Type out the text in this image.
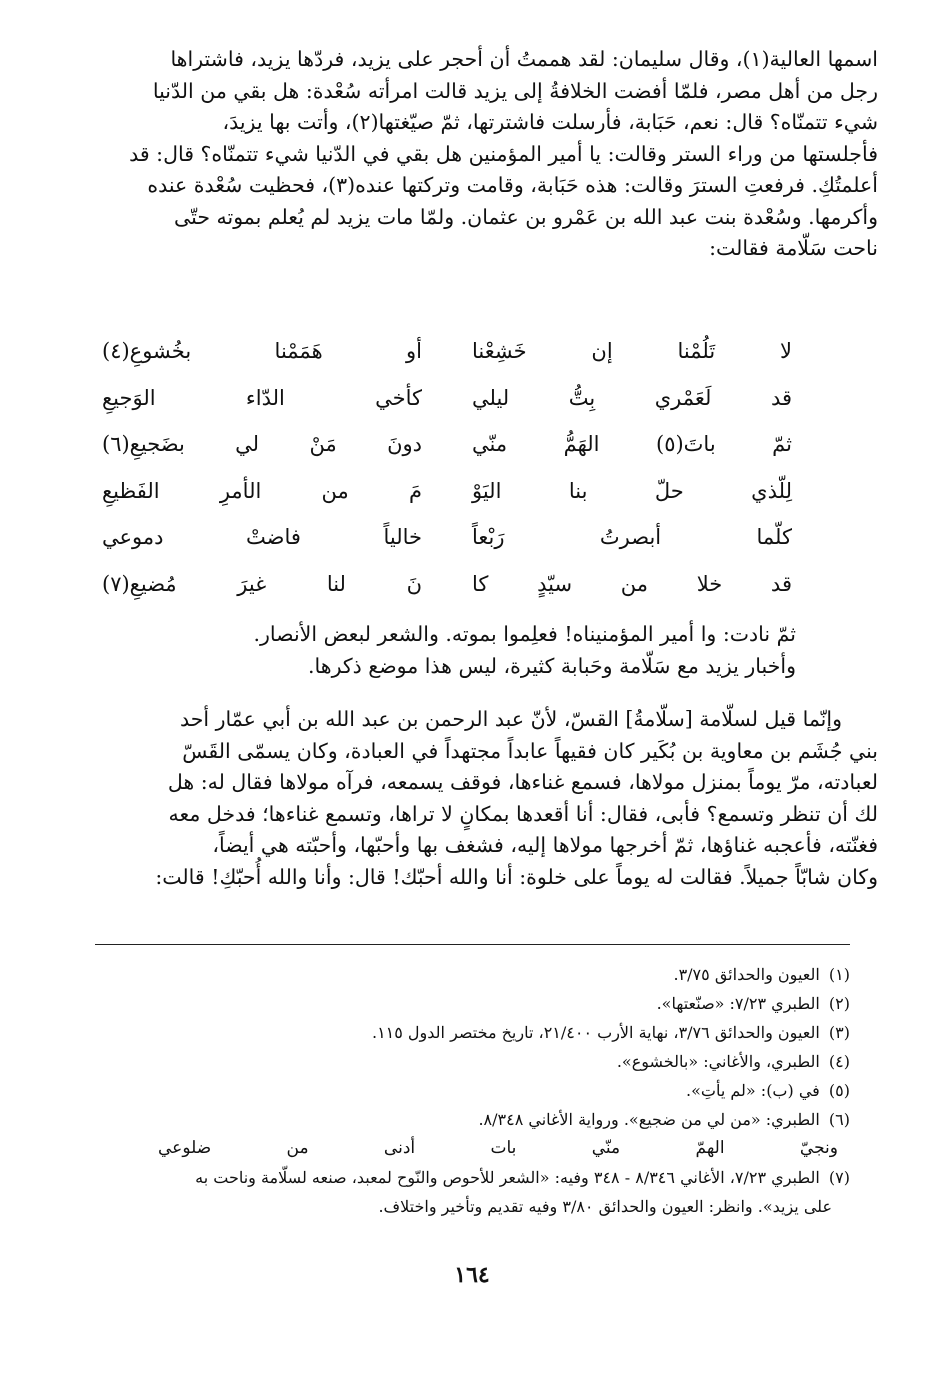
اسمها العالية(١)، وقال سليمان: لقد هممتُ أن أحجر على يزيد، فردّها يزيد، فاشتراها

رجل من أهل مصر، فلمّا أفضت الخلافةُ إلى يزيد قالت امرأته سُعْدة: هل بقي من الدّنيا

شيء تتمنّاه؟ قال: نعم، حَبَابة، فأرسلت فاشترتها، ثمّ صيّغتها(٢)، وأتت بها يزيدَ،

فأجلستها من وراء الستر وقالت: يا أمير المؤمنين هل بقي في الدّنيا شيء تتمنّاه؟ قال: قد

أعلمتُكِ. فرفعتِ السترَ وقالت: هذه حَبَابة، وقامت وتركتها عنده(٣)، فحظيت سُعْدة عنده

وأكرمها. وسُعْدة بنت عبد الله بن عَمْرو بن عثمان. ولمّا مات يزيد لم يُعلم بموته حتّى

ناحت سَلّامة فقالت:

لا تَلُمْنا إن خَشِعْنا
أو هَمَمْنا بخُشوعِ(٤)
قد لَعَمْري بِتُّ ليلي
كأخي الدّاء الوَجيعِ
ثمّ باتَ(٥) الهَمُّ منّي
دونَ مَنْ لي بضَجيعِ(٦)
لِلّذي حلّ بنا اليَوْ
مَ من الأمرِ الفَظيعِ
كلّما أبصرتُ رَبْعاً
خالياً فاضتْ دموعي
قد خلا من سيّدٍ كا
نَ لنا غيرَ مُضيعِ(٧)

ثمّ نادت: وا أمير المؤمنيناه! فعلِموا بموته. والشعر لبعض الأنصار.

وأخبار يزيد مع سَلّامة وحَبابة كثيرة، ليس هذا موضع ذكرها.

وإنّما قيل لسلّامة [سلّامةُ] القسّ، لأنّ عبد الرحمن بن عبد الله بن أبي عمّار أحد

بني جُشَم بن معاوية بن بُكَير كان فقيهاً عابداً مجتهداً في العبادة، وكان يسمّى القَسّ

لعبادته، مرّ يوماً بمنزل مولاها، فسمع غناءها، فوقف يسمعه، فرآه مولاها فقال له: هل

لك أن تنظر وتسمع؟ فأبى، فقال: أنا أقعدها بمكانٍ لا تراها، وتسمع غناءها؛ فدخل معه

فغنّته، فأعجبه غناؤها، ثمّ أخرجها مولاها إليه، فشغف بها وأحبّها، وأحبّته هي أيضاً،

وكان شابّاً جميلاً. فقالت له يوماً على خلوة: أنا والله أحبّك! قال: وأنا والله أُحبّكِ! قالت:

(١) العيون والحدائق ٣/٧٥.

(٢) الطبري ٧/٢٣: «صنّعتها».

(٣) العيون والحدائق ٣/٧٦، نهاية الأرب ٢١/٤٠٠، تاريخ مختصر الدول ١١٥.

(٤) الطبري، والأغاني: «بالخشوع».

(٥) في (ب): «لم يأتِ».

(٦) الطبري: «من لي من ضجيع». ورواية الأغاني ٨/٣٤٨.

ونجيّ الهمّ منّي بات أدنى من ضلوعي

(٧) الطبري ٧/٢٣، الأغاني ٨/٣٤٦ - ٣٤٨ وفيه: «الشعر للأحوص والنّوح لمعبد، صنعه لسلّامة وناحت به

على يزيد». وانظر: العيون والحدائق ٣/٨٠ وفيه تقديم وتأخير واختلاف.

١٦٤
